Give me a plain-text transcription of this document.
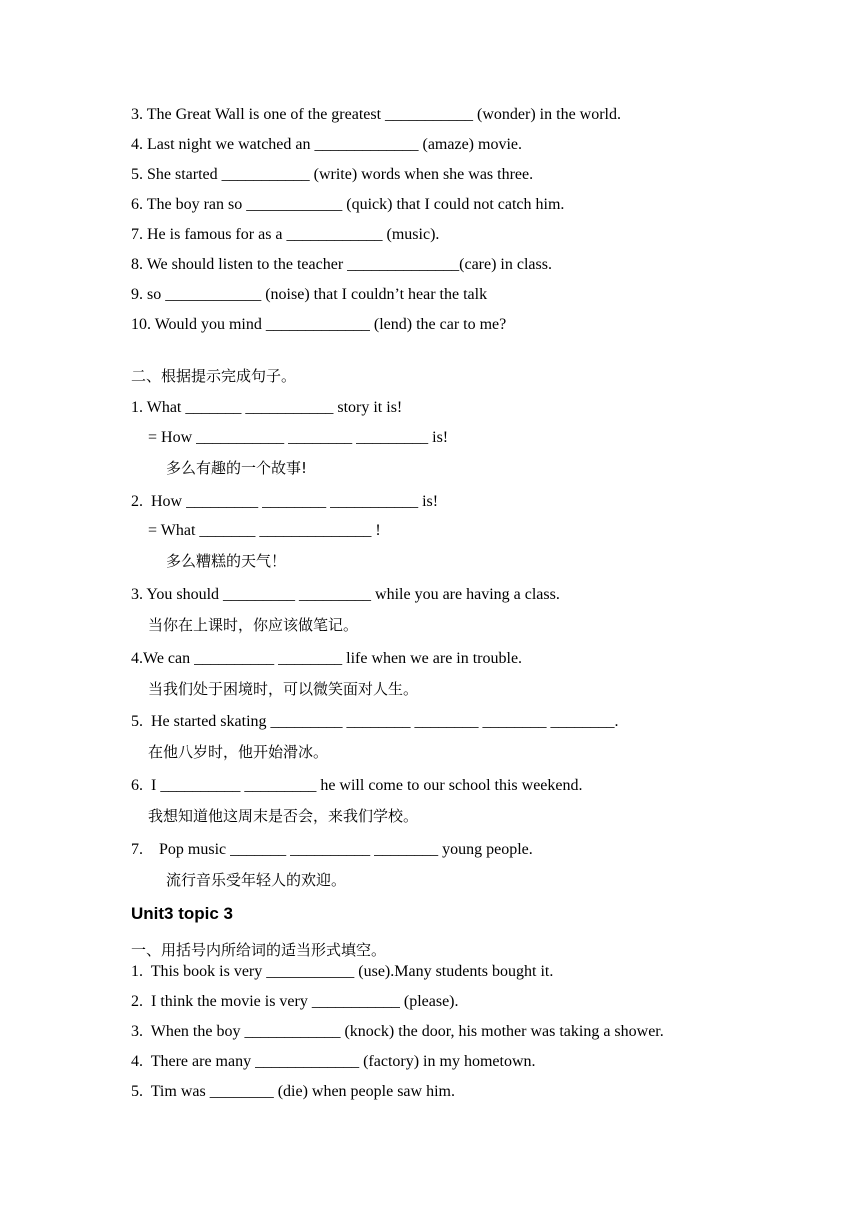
3. The Great Wall is one of the greatest ___________ (wonder) in the world.
4. Last night we watched an _____________ (amaze) movie.
5. She started ___________ (write) words when she was three.
6. The boy ran so ____________ (quick) that I could not catch him.
7. He is famous for as a ____________ (music).
8. We should listen to the teacher ______________(care) in class.
9. so ____________ (noise) that I couldn’t hear the talk
10. Would you mind _____________ (lend) the car to me?
二、根据提示完成句子。
1. What _______ ___________ story it is!
= How ___________ ________ _________ is!
多么有趣的一个故事!
2.  How _________ ________ ___________ is!
= What _______ ______________ !
多么糟糕的天气！
3. You should _________ _________ while you are having a class.
当你在上课时，你应该做笔记。
4.We can __________ ________ life when we are in trouble.
当我们处于困境时，可以微笑面对人生。
5.  He started skating _________ ________ ________ ________ ________.
在他八岁时，他开始滑冰。
6.  I __________ _________ he will come to our school this weekend.
我想知道他这周末是否会，来我们学校。
7.    Pop music _______ __________ ________ young people.
流行音乐受年轻人的欢迎。
Unit3 topic 3
一、用括号内所给词的适当形式填空。
1.  This book is very ___________ (use).Many students bought it.
2.  I think the movie is very ___________ (please).
3.  When the boy ____________ (knock) the door, his mother was taking a shower.
4.  There are many _____________ (factory) in my hometown.
5.  Tim was ________ (die) when people saw him.
